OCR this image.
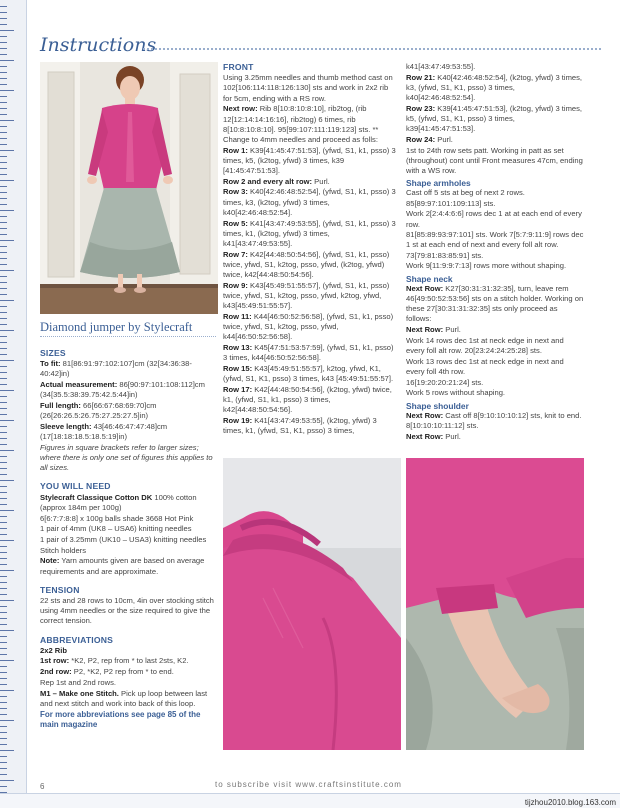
Instructions
Diamond jumper by Stylecraft

SIZES

To fit: 81[86:91:97:102:107]cm (32[34:36:38-40:42]in)

Actual measurement: 86[90:97:101:108:112]cm (34[35.5:38:39.75:42.5:44]in)

Full length: 66[66:67:68:69:70]cm (26[26:26.5:26.75:27.25:27.5]in)

Sleeve length: 43[46:46:47:47:48]cm (17[18:18:18.5:18.5:19]in)

Figures in square brackets refer to larger sizes; where there is only one set of figures this applies to all sizes.

YOU WILL NEED

Stylecraft Classique Cotton DK 100% cotton (approx 184m per 100g)

6[6:7:7:8:8] x 100g balls shade 3668 Hot Pink

1 pair of 4mm (UK8 – USA6) knitting needles

1 pair of 3.25mm (UK10 – USA3) knitting needles

Stitch holders

Note: Yarn amounts given are based on average requirements and are approximate.

TENSION

22 sts and 28 rows to 10cm, 4in over stocking stitch using 4mm needles or the size required to give the correct tension.

ABBREVIATIONS

2x2 Rib

1st row: *K2, P2, rep from * to last 2sts, K2.

2nd row: P2, *K2, P2 rep from * to end.

Rep 1st and 2nd rows.

M1 – Make one Stitch. Pick up loop between last and next stitch and work into back of this loop.

For more abbreviations see page 85 of the main magazine

FRONT

Using 3.25mm needles and thumb method cast on 102[106:114:118:126:130] sts and work in 2x2 rib for 5cm, ending with a RS row.

Next row: Rib 8[10:8:10:8:10], rib2tog, (rib 12[12:14:14:16:16], rib2tog) 6 times, rib 8[10:8:10:8:10]. 95[99:107:111:119:123] sts. ** Change to 4mm needles and proceed as folls:

Row 1: K39[41:45:47:51:53], (yfwd, S1, k1, psso) 3 times, k5, (k2tog, yfwd) 3 times, k39 [41:45:47:51:53].

Row 2 and every alt row: Purl.

Row 3: K40[42:46:48:52:54], (yfwd, S1, k1, psso) 3 times, k3, (k2tog, yfwd) 3 times, k40[42:46:48:52:54].

Row 5: K41[43:47:49:53:55], (yfwd, S1, k1, psso) 3 times, k1, (k2tog, yfwd) 3 times, k41[43:47:49:53:55].

Row 7: K42[44:48:50:54:56], (yfwd, S1, k1, psso) twice, yfwd, S1, k2tog, psso, yfwd, (k2tog, yfwd) twice, k42[44:48:50:54:56].

Row 9: K43[45:49:51:55:57], (yfwd, S1, k1, psso) twice, yfwd, S1, k2tog, psso, yfwd, k2tog, yfwd, k43[45:49:51:55:57].

Row 11: K44[46:50:52:56:58], (yfwd, S1, k1, psso) twice, yfwd, S1, k2tog, psso, yfwd, k44[46:50:52:56:58].

Row 13: K45[47:51:53:57:59], (yfwd, S1, k1, psso) 3 times, k44[46:50:52:56:58].

Row 15: K43[45:49:51:55:57], k2tog, yfwd, K1, (yfwd, S1, K1, psso) 3 times, k43 [45:49:51:55:57].

Row 17: K42[44:48:50:54:56], (k2tog, yfwd) twice, k1, (yfwd, S1, k1, psso) 3 times, k42[44:48:50:54:56].

Row 19: K41[43:47:49:53:55], (k2tog, yfwd) 3 times, k1, (yfwd, S1, K1, psso) 3 times,

k41[43:47:49:53:55].

Row 21: K40[42:46:48:52:54], (k2tog, yfwd) 3 times, k3, (yfwd, S1, K1, psso) 3 times, k40[42:46:48:52:54].

Row 23: K39[41:45:47:51:53], (k2tog, yfwd) 3 times, k5, (yfwd, S1, K1, psso) 3 times, k39[41:45:47:51:53].

Row 24: Purl.

1st to 24th row sets patt. Working in patt as set (throughout) cont until Front measures 47cm, ending with a WS row.

Shape armholes

Cast off 5 sts at beg of next 2 rows. 85[89:97:101:109:113] sts.

Work 2[2:4:4:6:6] rows dec 1 at at each end of every row.

81[85:89:93:97:101] sts. Work 7[5:7:9:11:9] rows dec 1 st at each end of next and every foll alt row. 73[79:81:83:85:91] sts.

Work 9[11:9:9:7:13] rows more without shaping.

Shape neck

Next Row: K27[30:31:31:32:35], turn, leave rem 46[49:50:52:53:56] sts on a stitch holder. Working on these 27[30:31:31:32:35] sts only proceed as follows:

Next Row: Purl.

Work 14 rows dec 1st at neck edge in next and every foll alt row. 20[23:24:24:25:28] sts.

Work 13 rows dec 1st at neck edge in next and every foll 4th row.

16[19:20:20:21:24] sts.

Work 5 rows without shaping.

Shape shoulder

Next Row: Cast off 8[9:10:10:10:12] sts, knit to end.

8[10:10:10:11:12] sts.

Next Row: Purl.

6	to subscribe visit www.craftsinstitute.com
tijzhou2010.blog.163.com
